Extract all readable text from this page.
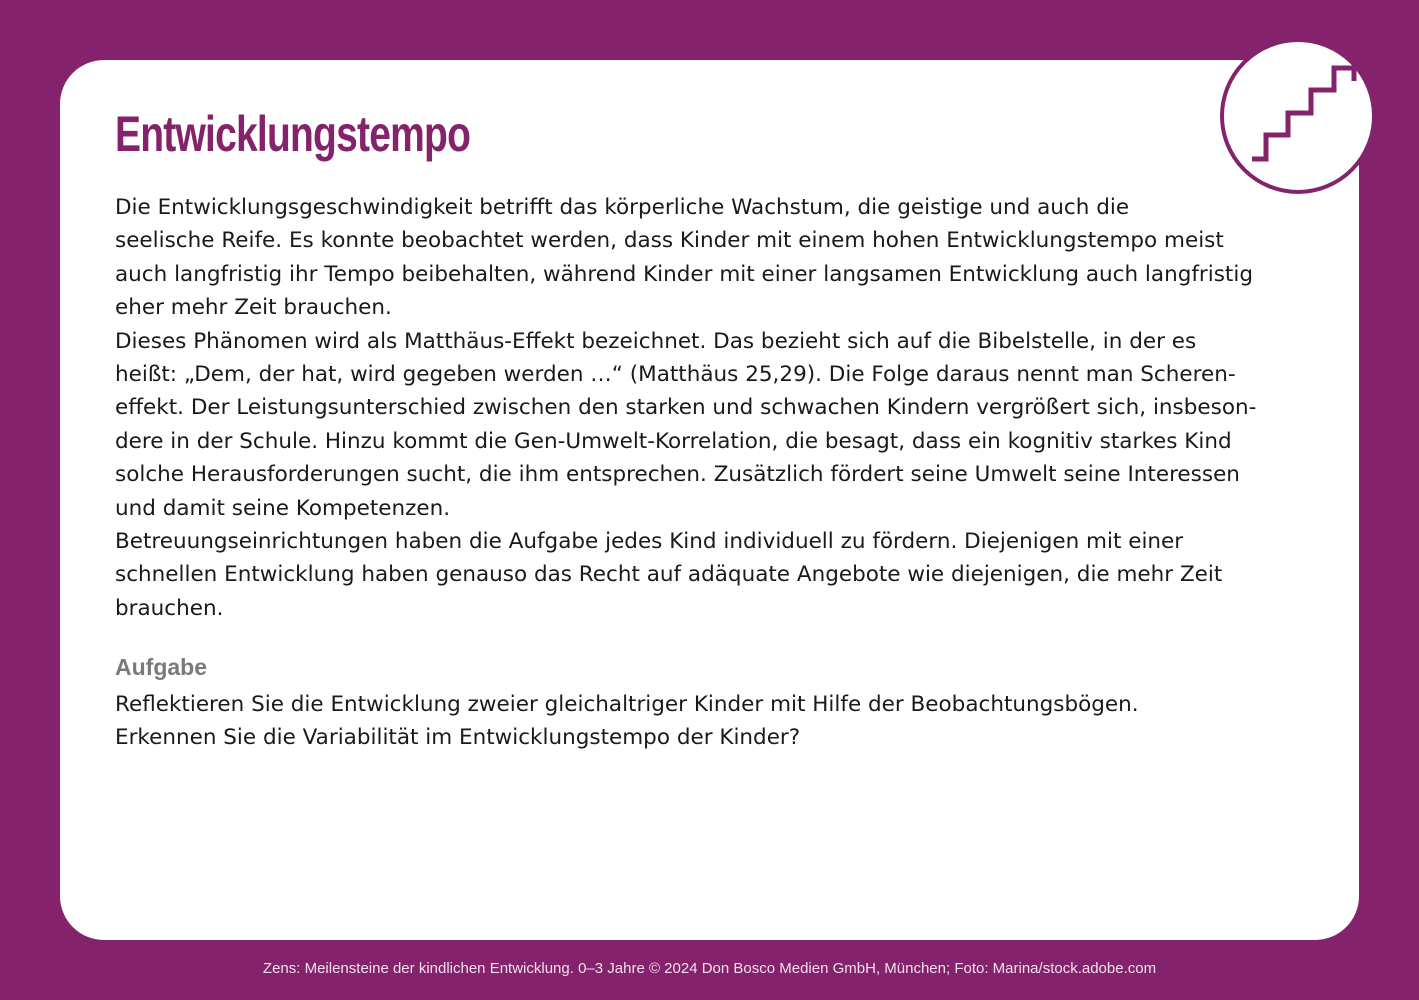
Entwicklungstempo
Die Entwicklungsgeschwindigkeit betrifft das körperliche Wachstum, die geistige und auch die
seelische Reife. Es konnte beobachtet werden, dass Kinder mit einem hohen Entwicklungstempo meist
auch langfristig ihr Tempo beibehalten, während Kinder mit einer langsamen Entwicklung auch langfristig
eher mehr Zeit brauchen.
Dieses Phänomen wird als Matthäus-Effekt bezeichnet. Das bezieht sich auf die Bibelstelle, in der es
heißt: „Dem, der hat, wird gegeben werden …“ (Matthäus 25,29). Die Folge daraus nennt man Scheren-
effekt. Der Leistungsunterschied zwischen den starken und schwachen Kindern vergrößert sich, insbeson-
dere in der Schule. Hinzu kommt die Gen-Umwelt-Korrelation, die besagt, dass ein kognitiv starkes Kind
solche Herausforderungen sucht, die ihm entsprechen. Zusätzlich fördert seine Umwelt seine Interessen
und damit seine Kompetenzen.
Betreuungseinrichtungen haben die Aufgabe jedes Kind individuell zu fördern. Diejenigen mit einer
schnellen Entwicklung haben genauso das Recht auf adäquate Angebote wie diejenigen, die mehr Zeit
brauchen.
Aufgabe
Reflektieren Sie die Entwicklung zweier gleichaltriger Kinder mit Hilfe der Beobachtungsbögen.
Erkennen Sie die Variabilität im Entwicklungstempo der Kinder?
Zens: Meilensteine der kindlichen Entwicklung. 0–3 Jahre © 2024 Don Bosco Medien GmbH, München; Foto: Marina/stock.adobe.com
